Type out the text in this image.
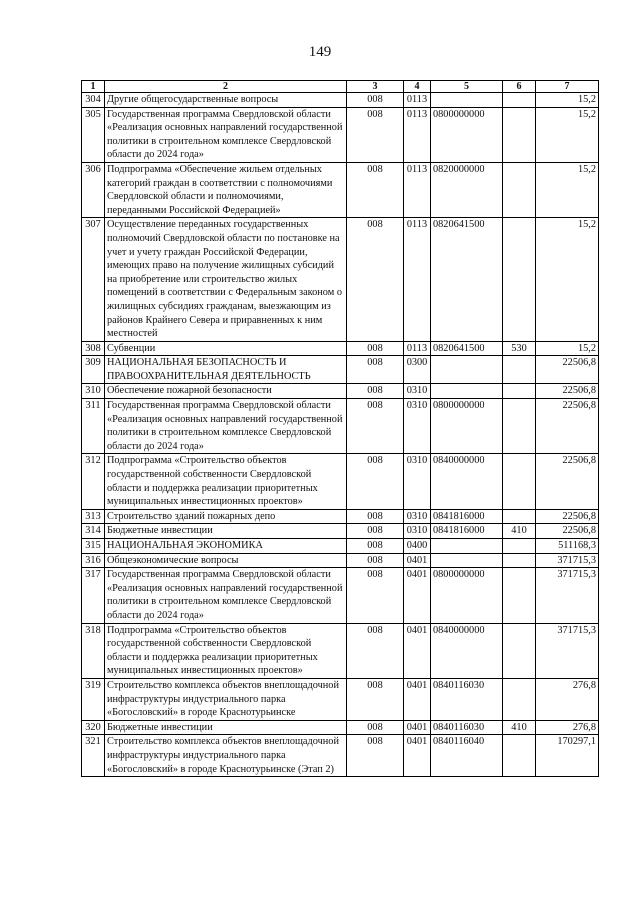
149
1	2	3	4	5	6	7
304	Другие общегосударственные вопросы	008	0113			15,2
305	Государственная программа Свердловской области «Реализация основных направлений государственной политики в строительном комплексе Свердловской области до 2024 года»	008	0113	0800000000		15,2
306	Подпрограмма «Обеспечение жильем отдельных категорий граждан в соответствии с полномочиями Свердловской области и полномочиями, переданными Российской Федерацией»	008	0113	0820000000		15,2
307	Осуществление переданных государственных полномочий Свердловской области по постановке на учет и учету граждан Российской Федерации, имеющих право на получение жилищных субсидий на приобретение или строительство жилых помещений в соответствии с Федеральным законом о жилищных субсидиях гражданам, выезжающим из районов Крайнего Севера и приравненных к ним местностей	008	0113	0820641500		15,2
308	Субвенции	008	0113	0820641500	530	15,2
309	НАЦИОНАЛЬНАЯ БЕЗОПАСНОСТЬ И ПРАВООХРАНИТЕЛЬНАЯ ДЕЯТЕЛЬНОСТЬ	008	0300			22506,8
310	Обеспечение пожарной безопасности	008	0310			22506,8
311	Государственная программа Свердловской области «Реализация основных направлений государственной политики в строительном комплексе Свердловской области до 2024 года»	008	0310	0800000000		22506,8
312	Подпрограмма «Строительство объектов государственной собственности Свердловской области и поддержка реализации приоритетных муниципальных инвестиционных проектов»	008	0310	0840000000		22506,8
313	Строительство зданий пожарных депо	008	0310	0841816000		22506,8
314	Бюджетные инвестиции	008	0310	0841816000	410	22506,8
315	НАЦИОНАЛЬНАЯ ЭКОНОМИКА	008	0400			511168,3
316	Общеэкономические вопросы	008	0401			371715,3
317	Государственная программа Свердловской области «Реализация основных направлений государственной политики в строительном комплексе Свердловской области до 2024 года»	008	0401	0800000000		371715,3
318	Подпрограмма «Строительство объектов государственной собственности Свердловской области и поддержка реализации приоритетных муниципальных инвестиционных проектов»	008	0401	0840000000		371715,3
319	Строительство комплекса объектов внеплощадочной инфраструктуры индустриального парка «Богословский» в городе Краснотурьинске	008	0401	0840116030		276,8
320	Бюджетные инвестиции	008	0401	0840116030	410	276,8
321	Строительство комплекса объектов внеплощадочной инфраструктуры индустриального парка «Богословский» в городе Краснотурьинске (Этап 2)	008	0401	0840116040		170297,1
